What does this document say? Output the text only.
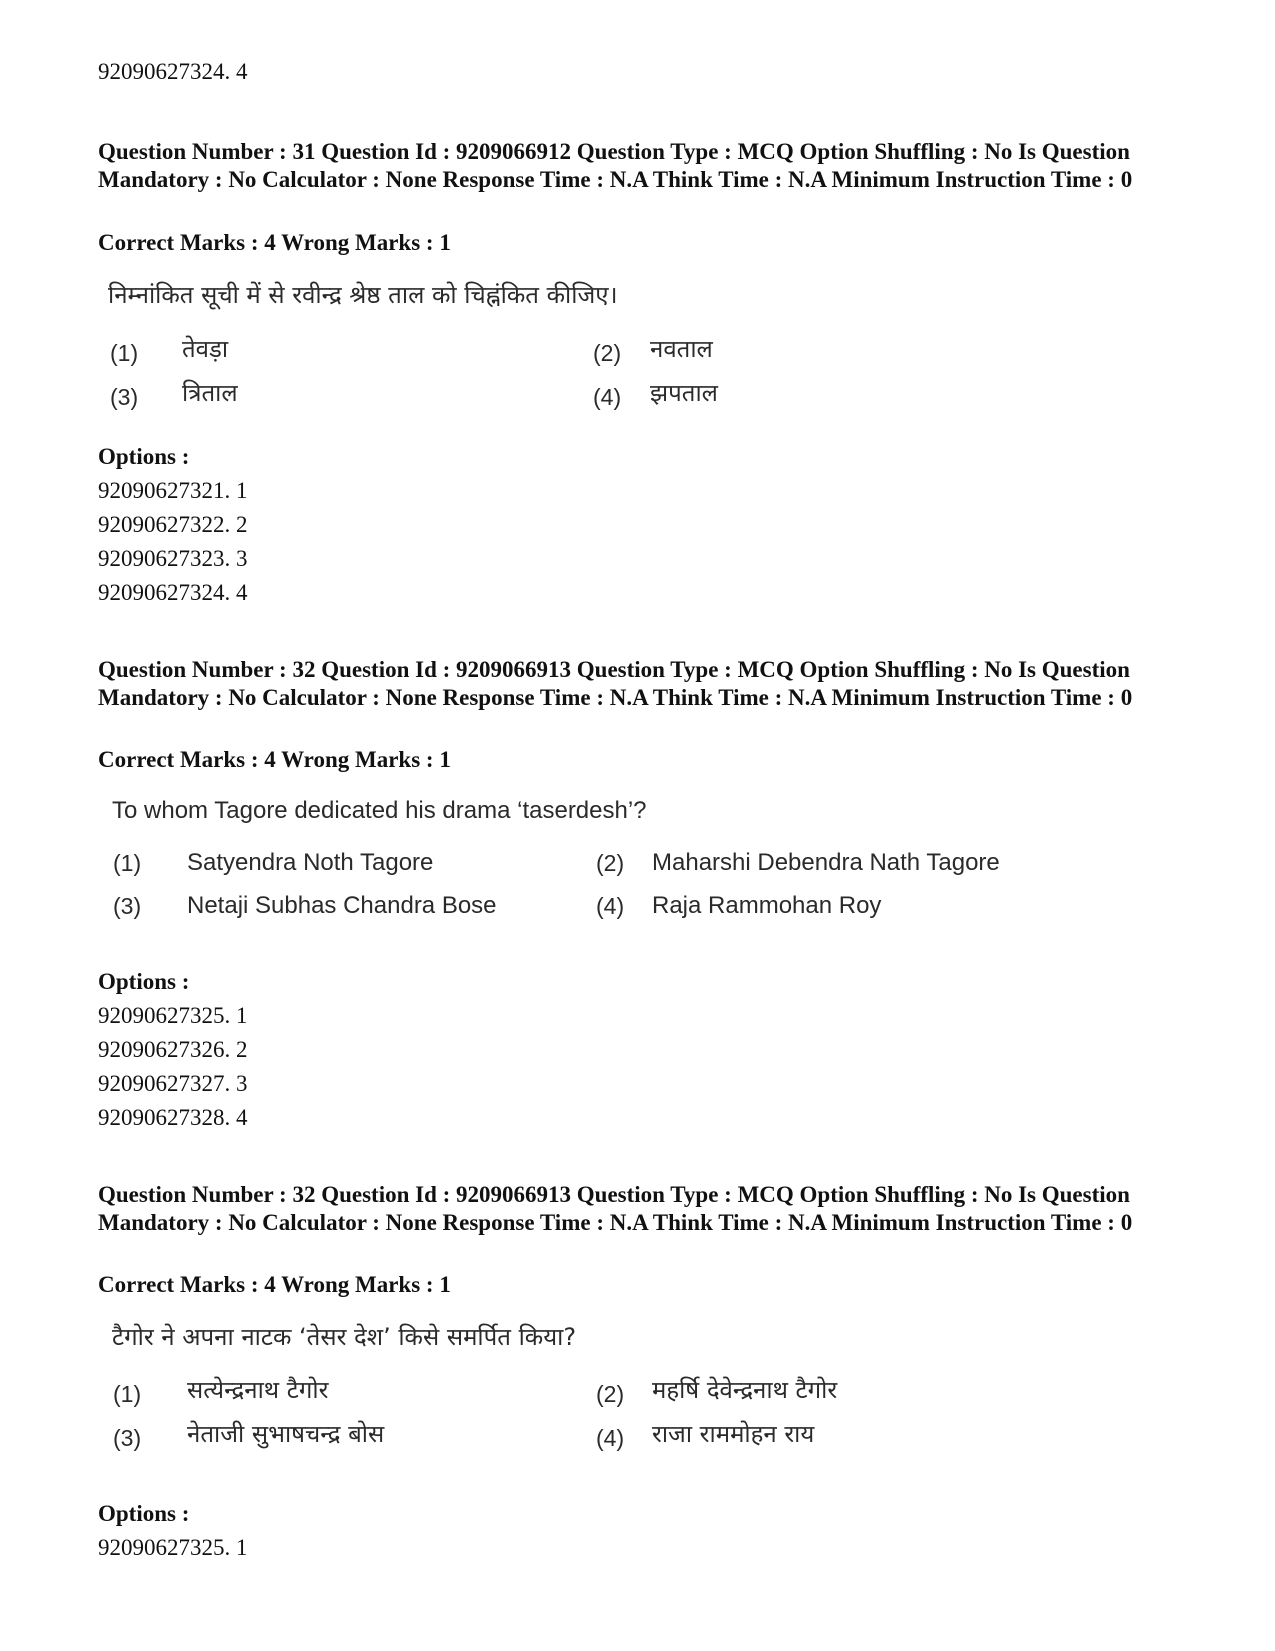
92090627324. 4
Question Number : 31 Question Id : 9209066912 Question Type : MCQ Option Shuffling : No Is Question Mandatory : No Calculator : None Response Time : N.A Think Time : N.A Minimum Instruction Time : 0
Correct Marks : 4 Wrong Marks : 1
निम्नांकित सूची में से रवीन्द्र श्रेष्ठ ताल को चिह्नंकित कीजिए।
(1) तेवड़ा	(2) नवताल
(3) त्रिताल	(4) झपताल
Options :
92090627321. 1
92090627322. 2
92090627323. 3
92090627324. 4
Question Number : 32 Question Id : 9209066913 Question Type : MCQ Option Shuffling : No Is Question Mandatory : No Calculator : None Response Time : N.A Think Time : N.A Minimum Instruction Time : 0
Correct Marks : 4 Wrong Marks : 1
To whom Tagore dedicated his drama ‘taserdesh’?
(1) Satyendra Noth Tagore	(2) Maharshi Debendra Nath Tagore
(3) Netaji Subhas Chandra Bose	(4) Raja Rammohan Roy
Options :
92090627325. 1
92090627326. 2
92090627327. 3
92090627328. 4
Question Number : 32 Question Id : 9209066913 Question Type : MCQ Option Shuffling : No Is Question Mandatory : No Calculator : None Response Time : N.A Think Time : N.A Minimum Instruction Time : 0
Correct Marks : 4 Wrong Marks : 1
टैगोर ने अपना नाटक ‘तेसर देश’ किसे समर्पित किया?
(1) सत्येन्द्रनाथ टैगोर	(2) महर्षि देवेन्द्रनाथ टैगोर
(3) नेताजी सुभाषचन्द्र बोस	(4) राजा राममोहन राय
Options :
92090627325. 1
